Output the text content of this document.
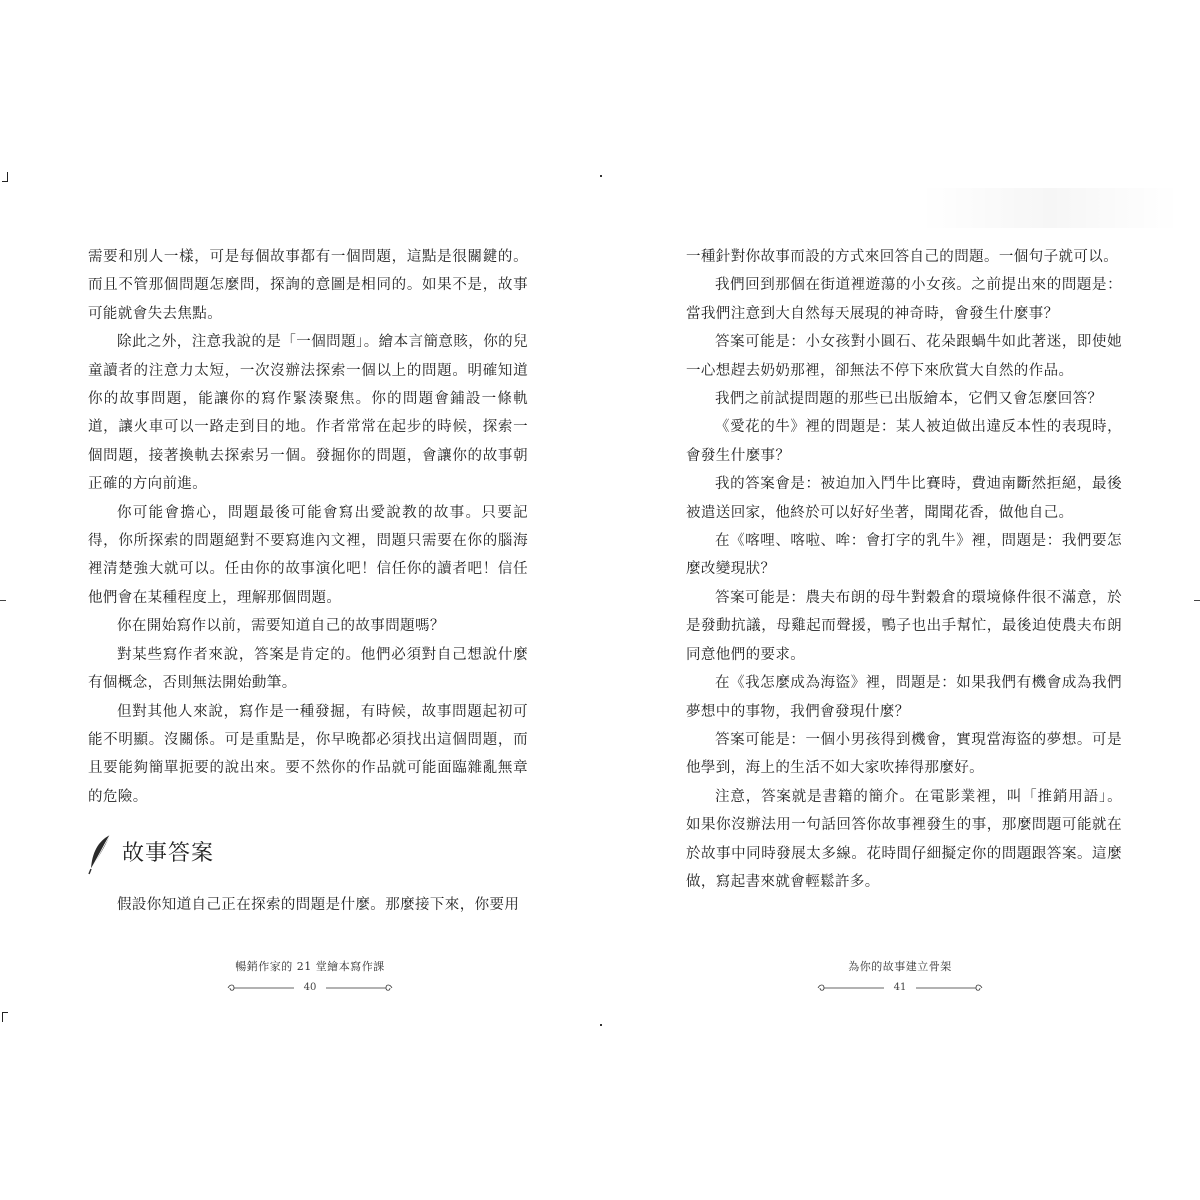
需要和別人一樣，可是每個故事都有一個問題，這點是很關鍵的。而且不管那個問題怎麼問，探詢的意圖是相同的。如果不是，故事可能就會失去焦點。

除此之外，注意我說的是「一個問題」。繪本言簡意賅，你的兒童讀者的注意力太短，一次沒辦法探索一個以上的問題。明確知道你的故事問題，能讓你的寫作緊湊聚焦。你的問題會鋪設一條軌道，讓火車可以一路走到目的地。作者常常在起步的時候，探索一個問題，接著換軌去探索另一個。發掘你的問題，會讓你的故事朝正確的方向前進。

你可能會擔心，問題最後可能會寫出愛說教的故事。只要記得，你所探索的問題絕對不要寫進內文裡，問題只需要在你的腦海裡清楚強大就可以。任由你的故事演化吧！信任你的讀者吧！信任他們會在某種程度上，理解那個問題。

你在開始寫作以前，需要知道自己的故事問題嗎？

對某些寫作者來說，答案是肯定的。他們必須對自己想說什麼有個概念，否則無法開始動筆。

但對其他人來說，寫作是一種發掘，有時候，故事問題起初可能不明顯。沒關係。可是重點是，你早晚都必須找出這個問題，而且要能夠簡單扼要的說出來。要不然你的作品就可能面臨雜亂無章的危險。

故事答案

假設你知道自己正在探索的問題是什麼。那麼接下來，你要用

暢銷作家的 21 堂繪本寫作課
40

一種針對你故事而設的方式來回答自己的問題。一個句子就可以。

我們回到那個在街道裡遊蕩的小女孩。之前提出來的問題是：當我們注意到大自然每天展現的神奇時，會發生什麼事？

答案可能是：小女孩對小圓石、花朵跟蝸牛如此著迷，即使她一心想趕去奶奶那裡，卻無法不停下來欣賞大自然的作品。

我們之前試提問題的那些已出版繪本，它們又會怎麼回答？

《愛花的牛》裡的問題是：某人被迫做出違反本性的表現時，會發生什麼事？

我的答案會是：被迫加入鬥牛比賽時，費迪南斷然拒絕，最後被遣送回家，他終於可以好好坐著，聞聞花香，做他自己。

在《喀哩、喀啦、哞：會打字的乳牛》裡，問題是：我們要怎麼改變現狀？

答案可能是：農夫布朗的母牛對穀倉的環境條件很不滿意，於是發動抗議，母雞起而聲援，鴨子也出手幫忙，最後迫使農夫布朗同意他們的要求。

在《我怎麼成為海盜》裡，問題是：如果我們有機會成為我們夢想中的事物，我們會發現什麼？

答案可能是：一個小男孩得到機會，實現當海盜的夢想。可是他學到，海上的生活不如大家吹捧得那麼好。

注意，答案就是書籍的簡介。在電影業裡，叫「推銷用語」。如果你沒辦法用一句話回答你故事裡發生的事，那麼問題可能就在於故事中同時發展太多線。花時間仔細擬定你的問題跟答案。這麼做，寫起書來就會輕鬆許多。

為你的故事建立骨架
41
